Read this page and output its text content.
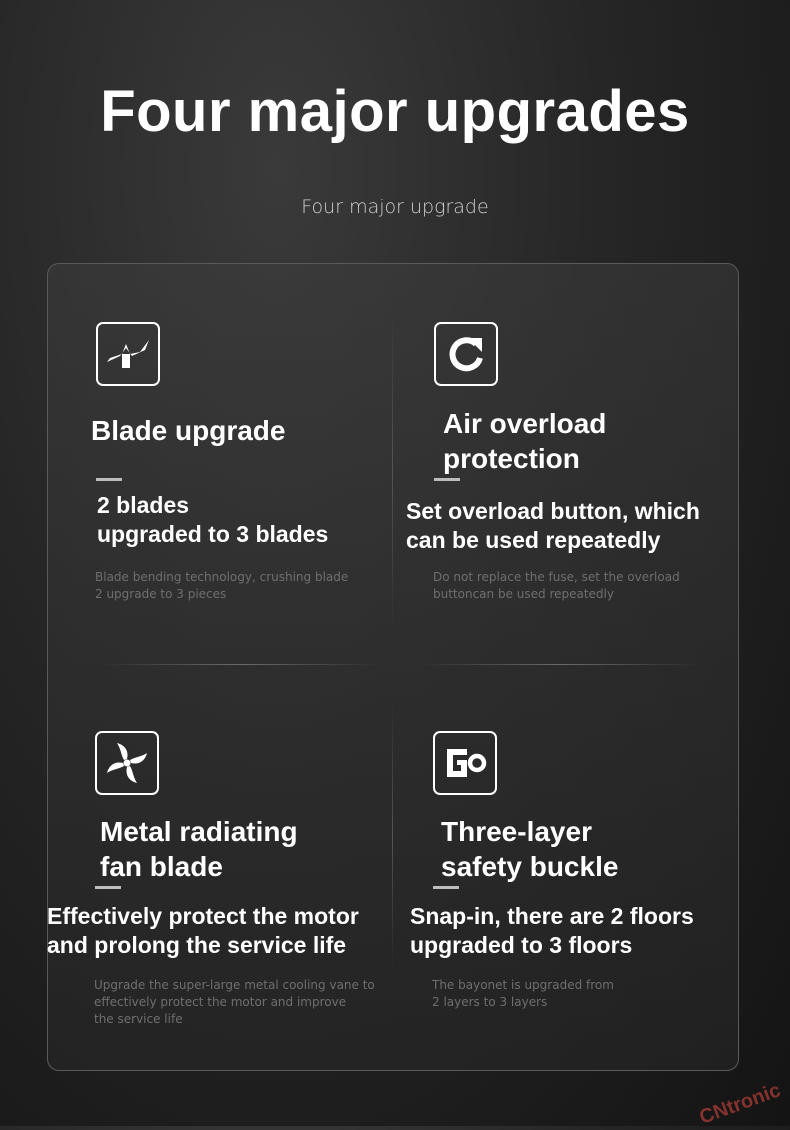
Four major upgrades
Four major upgrade
Blade upgrade
2 blades
upgraded to 3 blades
Blade bending technology, crushing blade
2 upgrade to 3 pieces
Air overload
protection
Set overload button, which
can be used repeatedly
Do not replace the fuse, set the overload
buttoncan be used repeatedly
Metal radiating
fan blade
Effectively protect the motor
and prolong the service life
Upgrade the super-large metal cooling vane to
effectively protect the motor and improve
the service life
Three-layer
safety buckle
Snap-in, there are 2 floors
upgraded to 3 floors
The bayonet is upgraded from
2 layers to 3 layers
CNtronic
